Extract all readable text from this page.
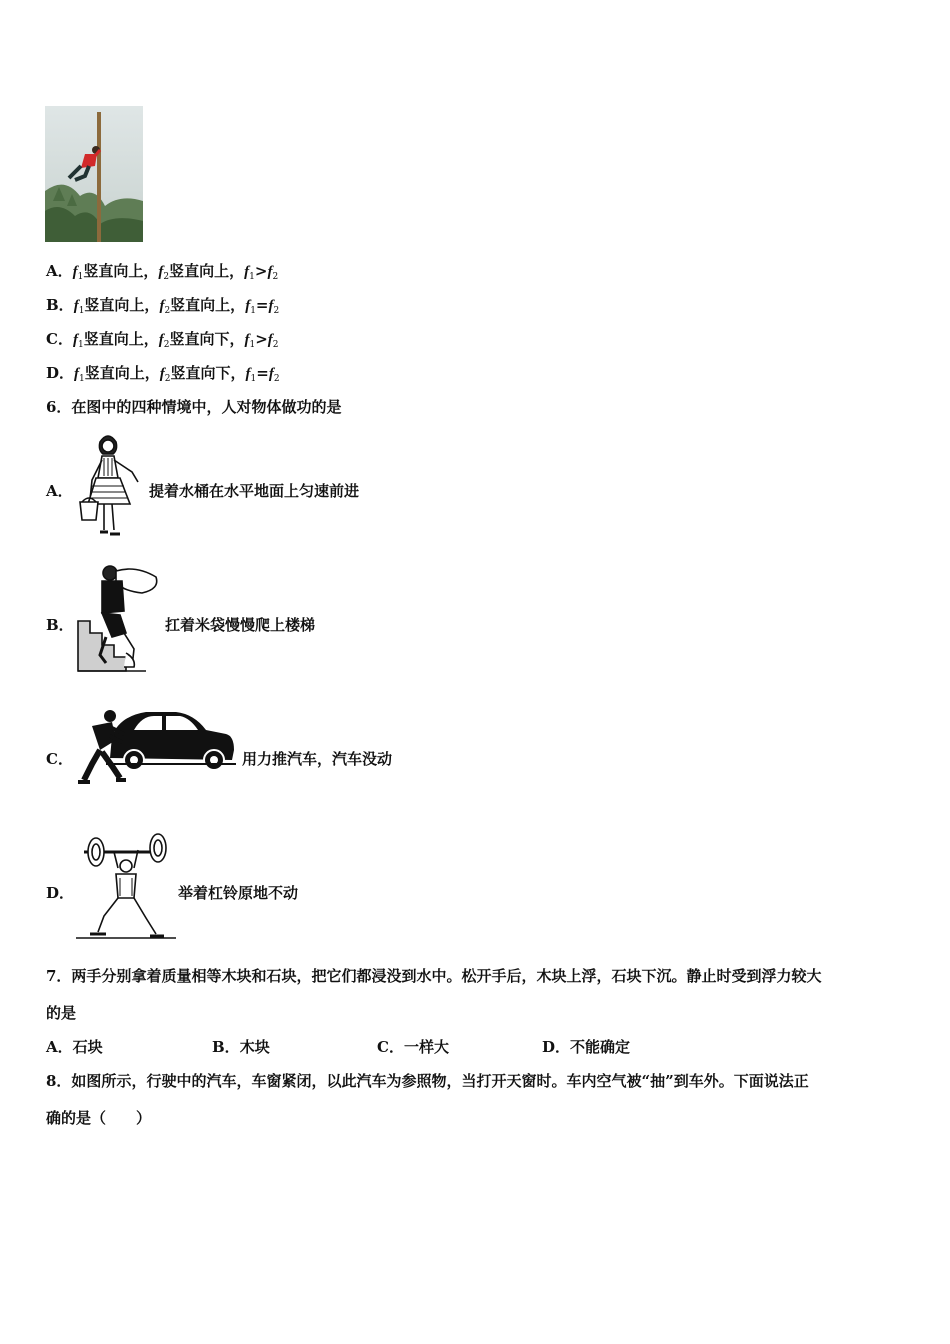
A．$f_1$竖直向上，$f_2$竖直向上，$f_1>f_2$
B．$f_1$竖直向上，$f_2$竖直向上，$f_1=f_2$
C．$f_1$竖直向上，$f_2$竖直向下，$f_1>f_2$
D．$f_1$竖直向上，$f_2$竖直向下，$f_1=f_2$
6．在图中的四种情境中，人对物体做功的是
A．	提着水桶在水平地面上匀速前进
B．	扛着米袋慢慢爬上楼梯
C．	用力推汽车，汽车没动
D．	举着杠铃原地不动
7．两手分别拿着质量相等木块和石块，把它们都浸没到水中。松开手后，木块上浮，石块下沉。静止时受到浮力较大
的是
A．石块	B．木块	C．一样大	D．不能确定
8．如图所示，行驶中的汽车，车窗紧闭，以此汽车为参照物，当打开天窗时。车内空气被“抽”到车外。下面说法正
确的是（　　）
